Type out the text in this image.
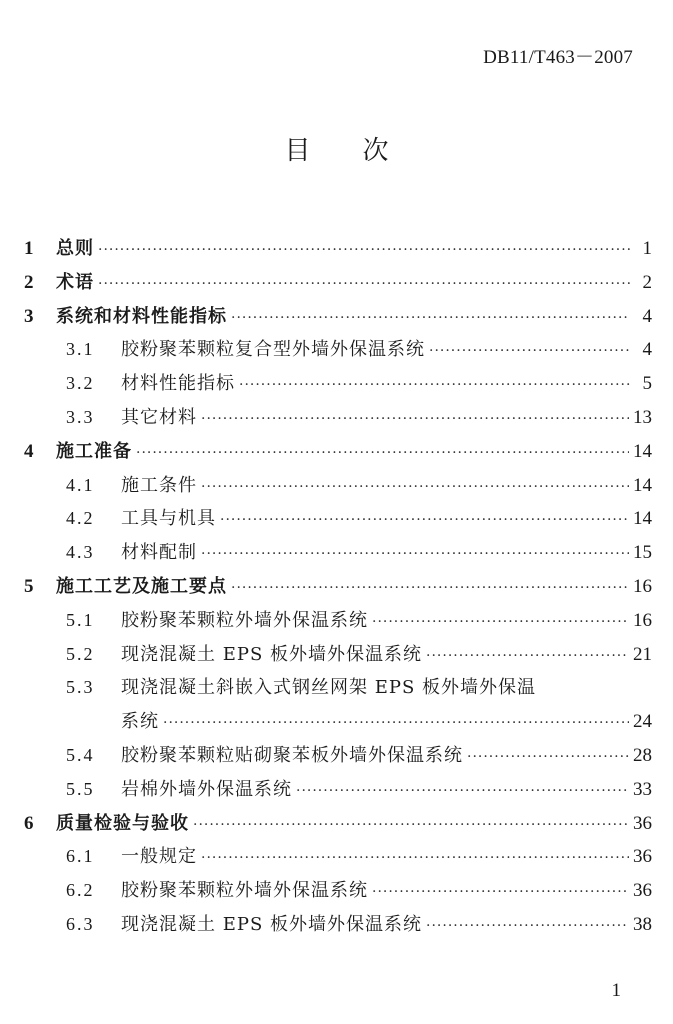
DB11/T463－2007
目次
1	总则 ·····	1
2	术语 ·····	2
3	系统和材料性能指标 ·····	4
3.1	胶粉聚苯颗粒复合型外墙外保温系统 ·····	4
3.2	材料性能指标 ·····	5
3.3	其它材料 ·····	13
4	施工准备 ·····	14
4.1	施工条件 ·····	14
4.2	工具与机具 ·····	14
4.3	材料配制 ·····	15
5	施工工艺及施工要点 ·····	16
5.1	胶粉聚苯颗粒外墙外保温系统 ·····	16
5.2	现浇混凝土 EPS 板外墙外保温系统 ·····	21
5.3	现浇混凝土斜嵌入式钢丝网架 EPS 板外墙外保温
系统 ·····	24
5.4	胶粉聚苯颗粒贴砌聚苯板外墙外保温系统 ·····	28
5.5	岩棉外墙外保温系统 ·····	33
6	质量检验与验收 ·····	36
6.1	一般规定 ·····	36
6.2	胶粉聚苯颗粒外墙外保温系统 ·····	36
6.3	现浇混凝土 EPS 板外墙外保温系统 ·····	38
1
